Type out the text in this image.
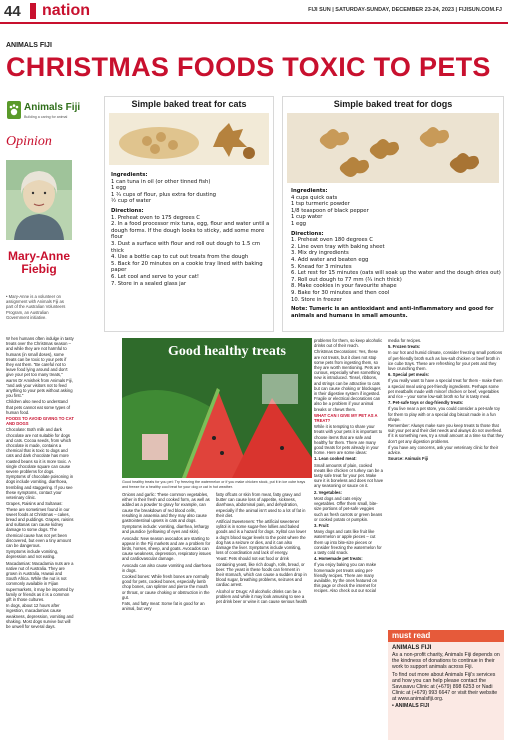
44 nation	FIJI SUN | SATURDAY-SUNDAY, DECEMBER 23-24, 2023 | FIJISUN.COM.FJ
ANIMALS FIJI
CHRISTMAS FOODS TOXIC TO PETS
Animals Fiji
Building a caring for animal
Opinion
Mary-Anne
Fiebig
• Mary-Anne is a volunteer on assignment with Animals Fiji as part of the Australian Volunteers Program, an Australian Government initiative.
Simple baked treat for cats
Ingredients:
1 can tuna in oil (or other tinned fish)
1 egg
1 ¾ cups of flour, plus extra for dusting
½ cup of water
Directions:
1. Preheat oven to 175 degrees C
2. In a food processor mix tuna, egg, flour and water until a dough forms. If the dough looks to sticky, add some more flour
3. Dust a surface with flour and roll out dough to 1.5 cm thick
4. Use a bottle cap to cut out treats from the dough
5. Back for 20 minutes on a cookie tray lined with baking paper
6. Let cool and serve to your cat!
7. Store in a sealed glass jar
Simple baked treat for dogs
Ingredients:
4 cups quick oats
1 tsp turmeric powder
1/8 teaspoon of black pepper
1 cup water
1 egg
Directions:
1. Preheat oven 180 degrees C
2. Line oven tray with baking sheet
3. Mix dry ingredients
4. Add water and beaten egg
5. Knead for 3 minutes
6. Let rest for 15 minutes (oats will soak up the water and the dough dries out)
7. Roll out dough to 77 mm (¾ inch thick)
8. Make cookies in your favourite shape
9. Bake for 30 minutes and then cool
10. Store in freezer
Note: Tumeric is an antioxidant and anti-inflammatory and good for animals and humans in small amounts.

W hen humans often indulge in tasty treats over the Christmas season – and while they are not harmful to humans (in small doses), some treats can be toxic to your pets if they eat them. "Be careful not to leave food lying around and don't give your pet too many treats," warns Dr Amishek from Animals Fiji, "and ask your visitors not to feed anything to your pets without asking you first."

Children also need to understand that pets cannot eat some types of human food.

FOODS TO AVOID GIVING TO CAT AND DOGS

Chocolate: Both milk and dark chocolate are not suitable for dogs and cats. Cocoa seeds, from which chocolate is made, contains a chemical that is toxic to dogs and cats and dark chocolate has more roasted beans so it is more toxic. A single chocolate square can cause severe problems for dogs. Symptoms of chocolate poisoning in dogs include vomiting, diarrhoea, trembling and staggering. If you see these symptoms, contact your veterinary clinic.

Grapes, Raisins and Sultanas: These are sometimes found in our sweet foods at Christmas – cakes, bread and puddings. Grapes, raisins and sultanas can cause kidney damage to some dogs. The chemical cause has not yet been discovered, but even a tiny amount can be dangerous.

Symptoms include vomiting, depression and not eating.

Macadamias: Macadamia nuts are a native nut of Australia. They are grown in Australia, Hawaii and South Africa. While the nut is not commonly available in Fijian supermarkets, it may be imported by family or friends as it is a common gift in those cultures.

In dogs, about 12 hours after ingestion, macadamias cause weakness, depression, vomiting and shaking. Most dogs survive but will be unwell for several days.

Good healthy treats
Good healthy treats for you pet: Try freezing the watermelon or if you make chicken stock, put it in ice cube trays and freeze for a healthy cool treat for your dog or cat in hot weather.

Onions and garlic: These common vegetables, either in their fresh and cooked form, as well as added as a powder to gravy for example, can cause the breakdown of red blood cells, resulting in anaemia and they may also cause gastrointestinal upsets in cats and dogs.

Symptoms include: vomiting, diarrhea, lethargy and jaundice (yellowing of eyes and skin).

Avocado: New season avocados are starting to appear in the Fiji markets and are a problem for birds, horses, sheep, and goats. Avocados can cause weakness, depression, respiratory issues and cardiovascular damage.

Avocado can also cause vomiting and diarrhoea in dogs.

Cooked bones: While fresh bones are normally good for pets, cooked bones, especially lamb chop bones, can splinter and pierce the mouth or throat, or cause choking or obstruction in the gut.

Fats, and fatty meat: Some fat is good for an animal, but very

fatty offcuts or skin from meat, fatty gravy and butter can cause loss of appetite, sickness, diarrhoea, abdominal pain, and dehydration, especially if the animal isn't used to a lot of fat in their diet.

Artificial Sweeteners: The artificial sweetener xylitol is in some sugar-free lollies and baked goods and is a hazard for dogs. Xylitol can lower a dog's blood sugar levels to the point where the dog has a seizure or dies, and it can also damage the liver. Symptoms include vomiting, loss of coordination and lack of energy.

Yeast: Pets should not eat food or drink containing yeast, like rich dough, rolls, bread, or beer. The yeast in these foods can ferment in their stomach, which can cause a sudden drop in blood sugar, breathing problems, seizures and cardiac arrest.

Alcohol or Drugs: All alcoholic drinks can be a problem and while it may look amusing to see a pet drink beer or wine it can cause serious health

problems for them, so keep alcoholic drinks out of their reach.

Christmas Decorations: Yes, these are not treats, but it does not stop some pets from ingesting them, so they are worth mentioning. Pets are curious, especially when something new is introduced. Tinsel, ribbons, and strings can be attractive to cats but can cause choking or blockages in their digestive system if ingested. Fragile or electrical decorations can also be a problem if your animal breaks or chews them.

WHAT CAN I GIVE MY PET AS A TREAT?

While it is tempting to share your treats with your pets it is important to choose items that are safe and healthy for them. There are many good treats for pets already in your home. Here are some ideas:

1. Lean cooked meat:

Small amounts of plain, cooked meats like chicken or turkey can be a tasty safe treat for your pet. Make sure it is boneless and does not have any seasoning or sauce on it.

2. Vegetables:

Most dogs and cats enjoy vegetables. Offer them small, bite-size portions of pet-safe veggies such as fresh carrots or green beans or cooked potato or pumpkin.

3. Fruit:

Many dogs and cats like fruit like watermelon or apple pieces – cut them up into bite-size pieces or consider freezing the watermelon for a tasty cold snack.

4. Homemade pet treats:

If you enjoy baking you can make homemade pet treats using pet-friendly recipes. There are many available, try the ones featured on this page or check the internet for recipes. Also check out our social

media for recipes.

5. Frozen treats:

In our hot and humid climate, consider freezing small portions of pet-friendly broth such as low-salt chicken or beef broth in ice cube trays. These are refreshing for your pets and they love crunching them.

6. Special pet meals:

If you really want to have a special treat for them - make them a special meal using pet-friendly ingredients. Perhaps some pet meatballs made with mincef chicken or beef, vegetables and rice – your some low-salt broth so fur is tasty meal.

7. Pet-safe toys or dog-friendly treats:

If you live near a pet store, you could consider a pet-safe toy for them to play with or a special dog biscuit made in a fun shape.

Remember: Always make sure you keep treats to those that suit your pet and their diet needs and always do not overfeed. If it is something new, try a small amount at a time so that they don't get any digestion problems.

If you have any concerns, ask your veterinary clinic for their advice.

Source: Animals Fiji

must read
ANIMALS FIJI
As a non-profit charity, Animals Fiji depends on the kindness of donations to continue in their work to support animals across Fiji.
To find out more about Animals Fiji's services and how you can help please contact the Savusavu Clinic at (+679) 898 6253 or Nadi Clinic at (+679) 993 6647 or visit their website at www.animalsfiji.org.
• ANIMALS FIJI
